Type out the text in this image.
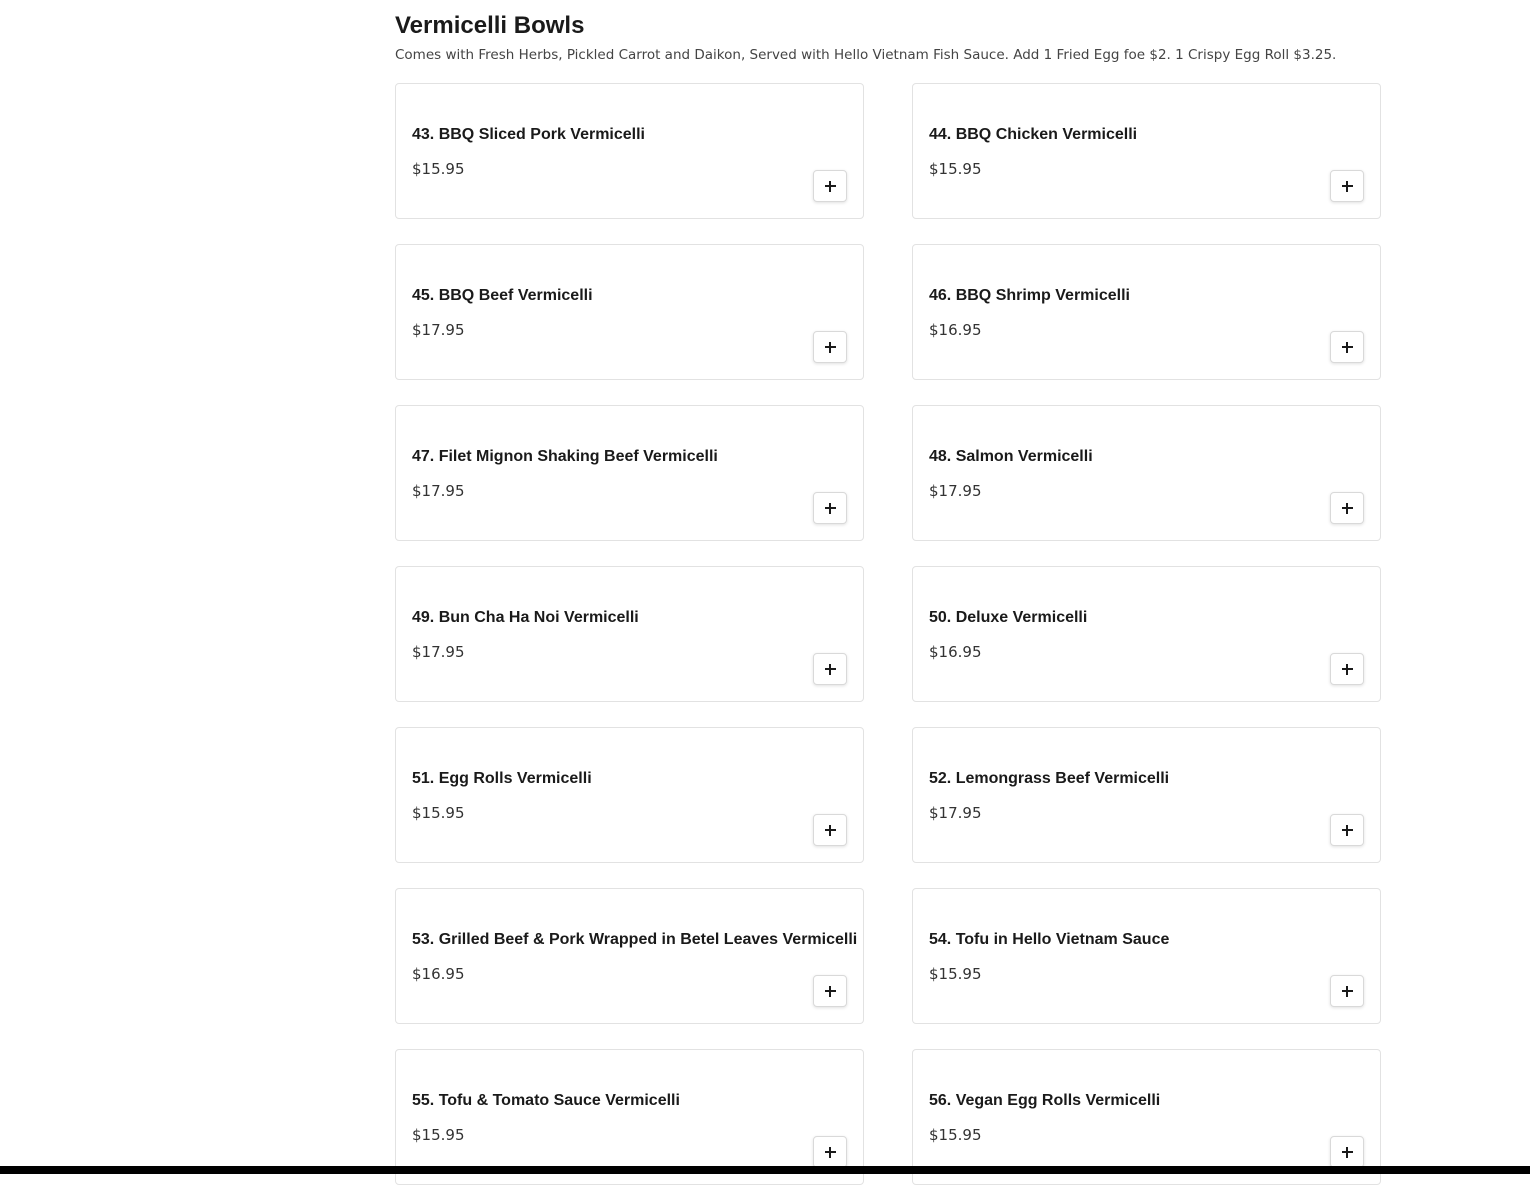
Vermicelli Bowls

Comes with Fresh Herbs, Pickled Carrot and Daikon, Served with Hello Vietnam Fish Sauce. Add 1 Fried Egg foe $2. 1 Crispy Egg Roll $3.25.

43. BBQ Sliced Pork Vermicelli
$15.95
44. BBQ Chicken Vermicelli
$15.95
45. BBQ Beef Vermicelli
$17.95
46. BBQ Shrimp Vermicelli
$16.95
47. Filet Mignon Shaking Beef Vermicelli
$17.95
48. Salmon Vermicelli
$17.95
49. Bun Cha Ha Noi Vermicelli
$17.95
50. Deluxe Vermicelli
$16.95
51. Egg Rolls Vermicelli
$15.95
52. Lemongrass Beef Vermicelli
$17.95
53. Grilled Beef & Pork Wrapped in Betel Leaves Vermicelli
$16.95
54. Tofu in Hello Vietnam Sauce
$15.95
55. Tofu & Tomato Sauce Vermicelli
$15.95
56. Vegan Egg Rolls Vermicelli
$15.95
